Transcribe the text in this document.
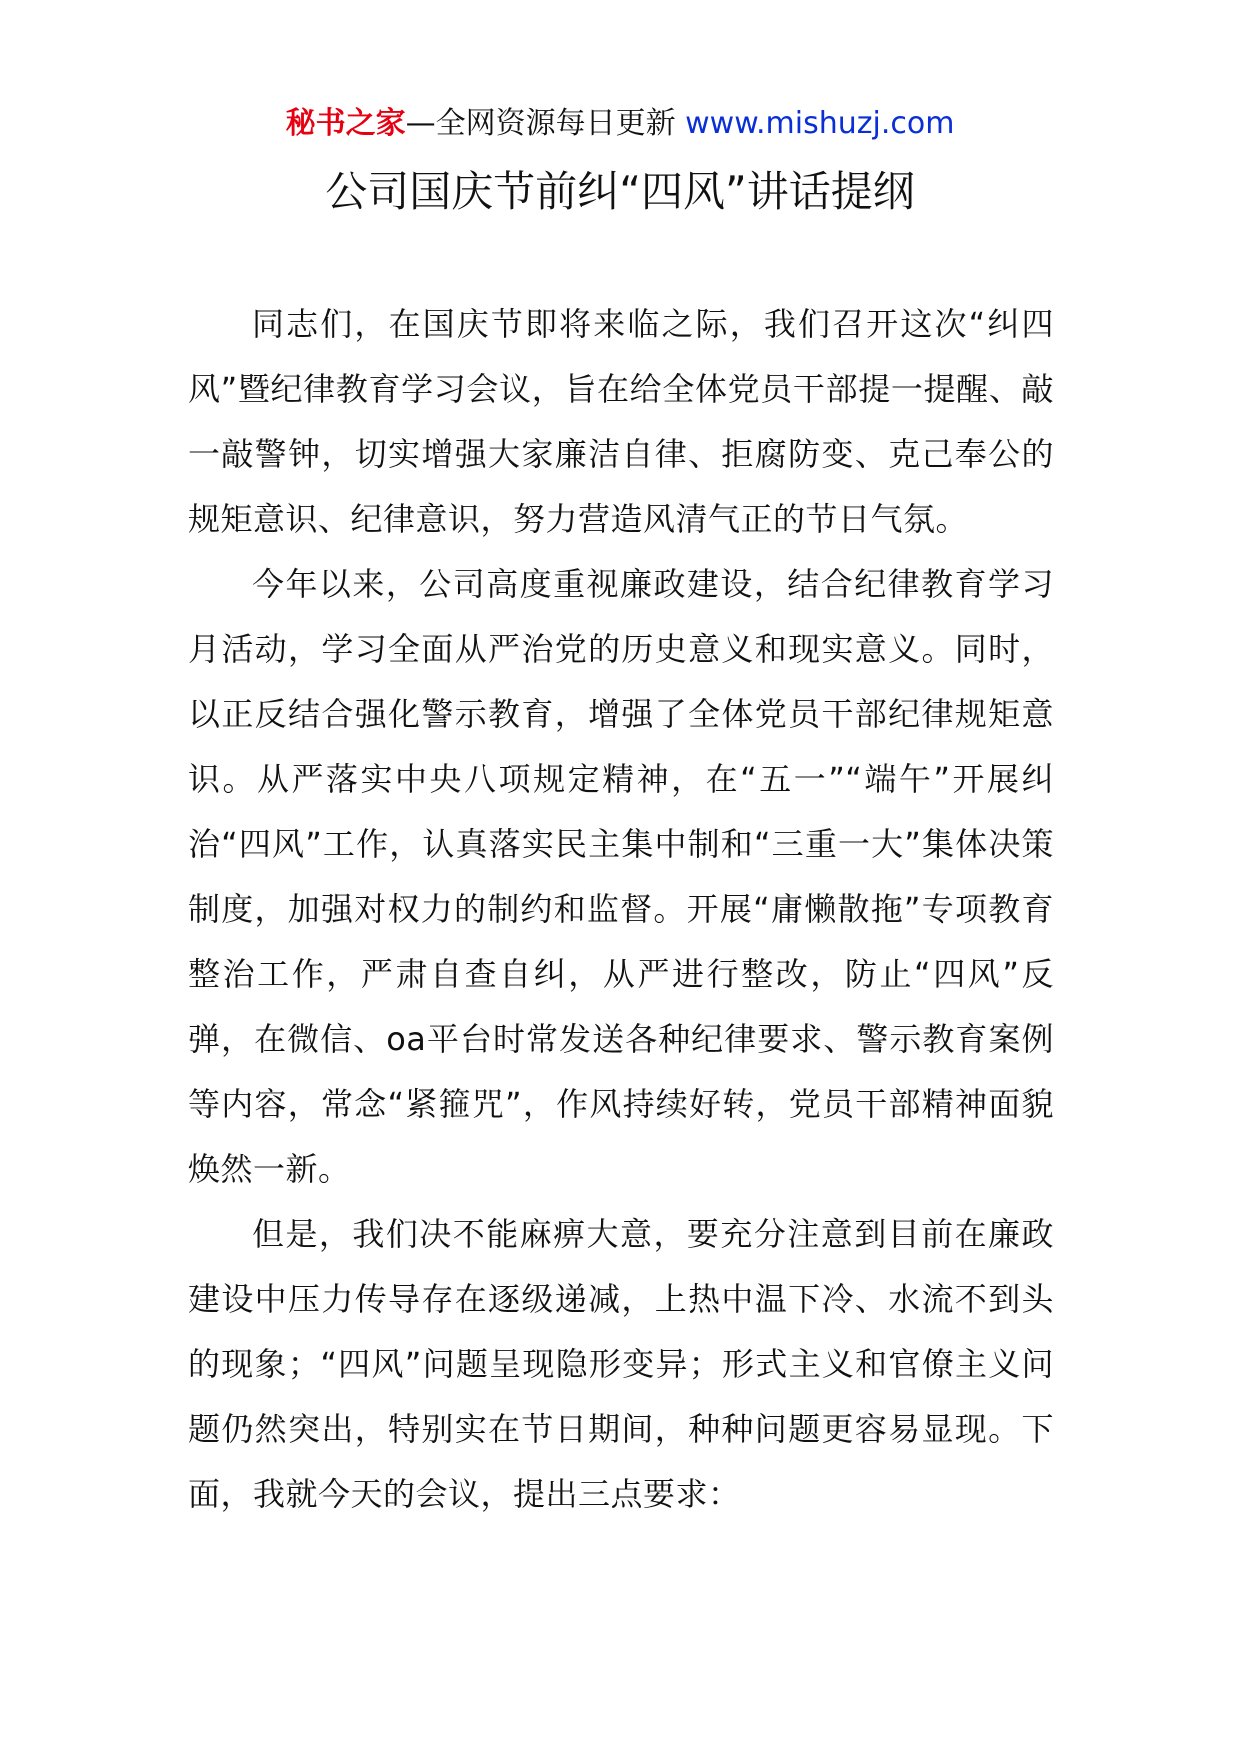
秘书之家—全网资源每日更新 www.mishuzj.com
公司国庆节前纠“四风”讲话提纲

同志们，在国庆节即将来临之际，我们召开这次“纠四风”暨纪律教育学习会议，旨在给全体党员干部提一提醒、敲一敲警钟，切实增强大家廉洁自律、拒腐防变、克己奉公的规矩意识、纪律意识，努力营造风清气正的节日气氛。

今年以来，公司高度重视廉政建设，结合纪律教育学习月活动，学习全面从严治党的历史意义和现实意义。同时，以正反结合强化警示教育，增强了全体党员干部纪律规矩意识。从严落实中央八项规定精神，在“五一”“端午”开展纠治“四风”工作，认真落实民主集中制和“三重一大”集体决策制度，加强对权力的制约和监督。开展“庸懒散拖”专项教育整治工作，严肃自查自纠，从严进行整改，防止“四风”反弹，在微信、oa平台时常发送各种纪律要求、警示教育案例等内容，常念“紧箍咒”，作风持续好转，党员干部精神面貌焕然一新。

但是，我们决不能麻痹大意，要充分注意到目前在廉政建设中压力传导存在逐级递减，上热中温下冷、水流不到头的现象；“四风”问题呈现隐形变异；形式主义和官僚主义问题仍然突出，特别实在节日期间，种种问题更容易显现。下面，我就今天的会议，提出三点要求：
